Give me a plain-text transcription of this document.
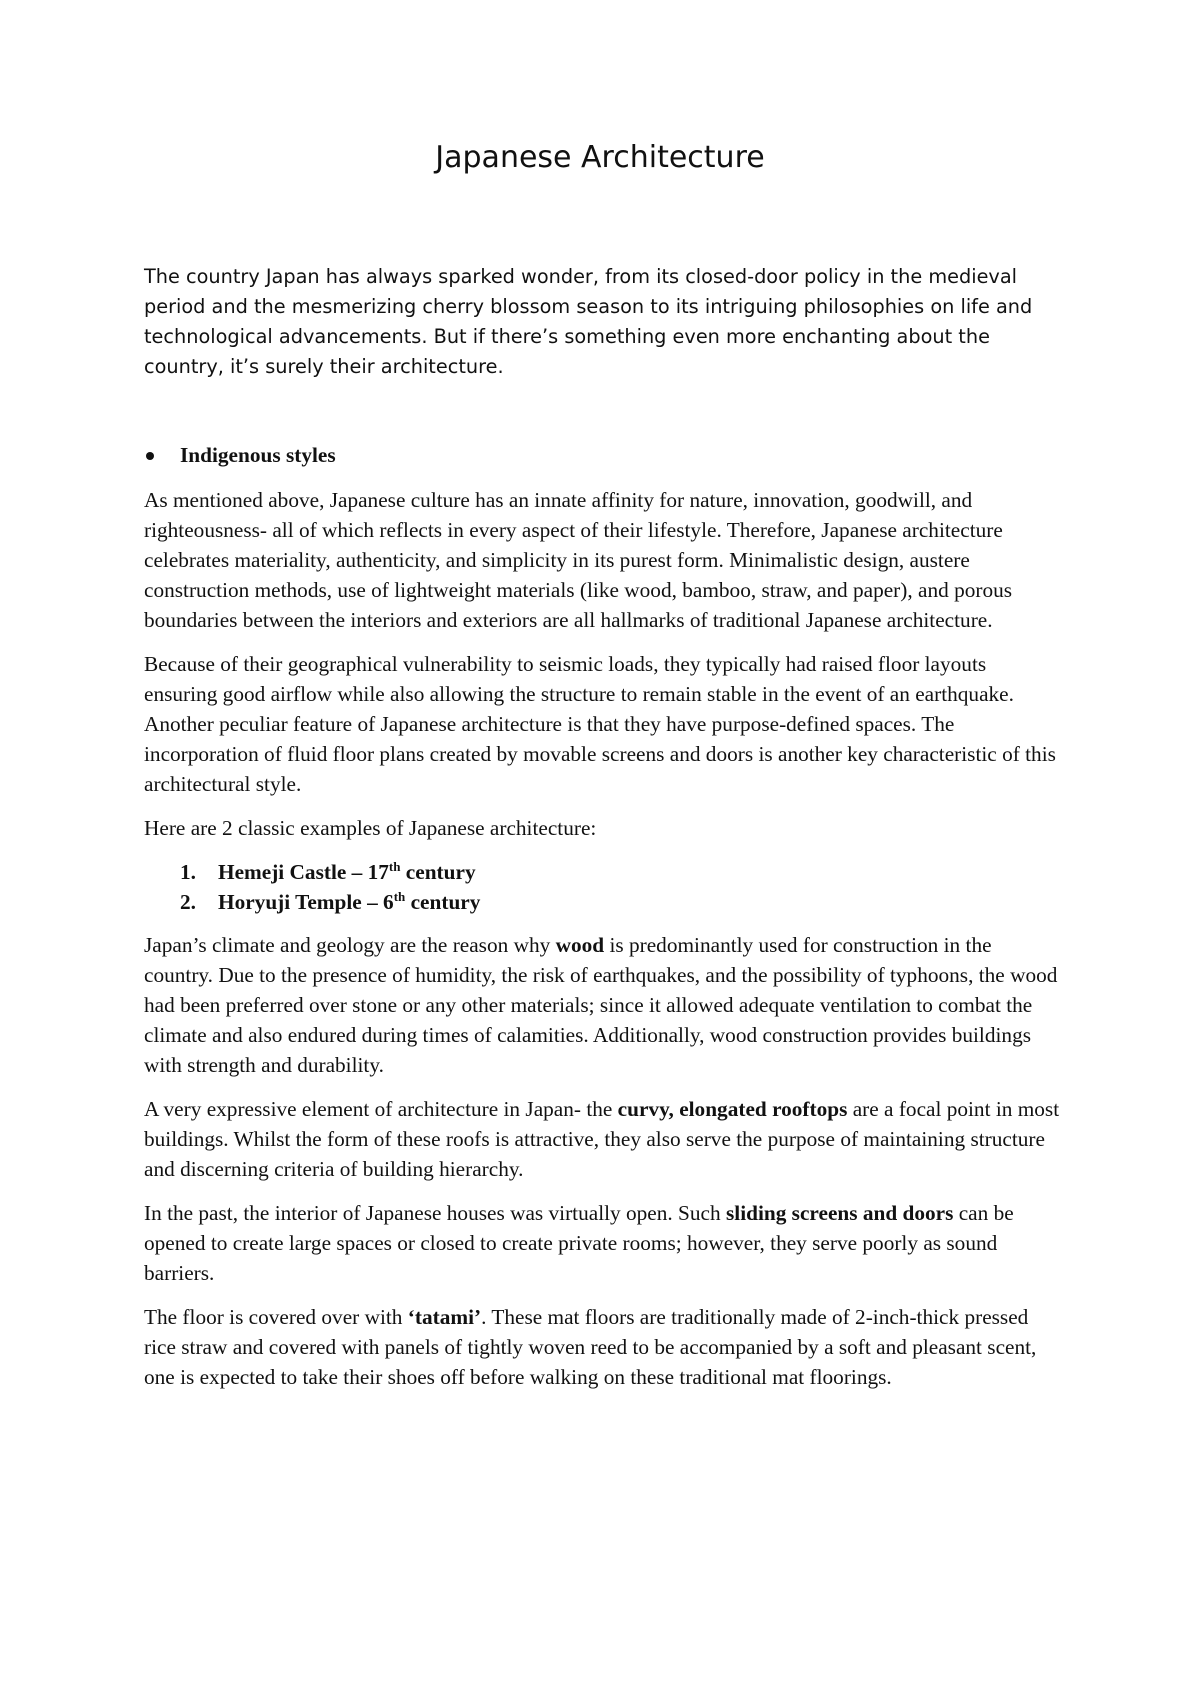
Japanese Architecture

The country Japan has always sparked wonder, from its closed-door policy in the medieval period and the mesmerizing cherry blossom season to its intriguing philosophies on life and technological advancements. But if there’s something even more enchanting about the country, it’s surely their architecture.

Indigenous styles

As mentioned above, Japanese culture has an innate affinity for nature, innovation, goodwill, and righteousness- all of which reflects in every aspect of their lifestyle. Therefore, Japanese architecture celebrates materiality, authenticity, and simplicity in its purest form. Minimalistic design, austere construction methods, use of lightweight materials (like wood, bamboo, straw, and paper), and porous boundaries between the interiors and exteriors are all hallmarks of traditional Japanese architecture.

Because of their geographical vulnerability to seismic loads, they typically had raised floor layouts ensuring good airflow while also allowing the structure to remain stable in the event of an earthquake. Another peculiar feature of Japanese architecture is that they have purpose-defined spaces. The incorporation of fluid floor plans created by movable screens and doors is another key characteristic of this architectural style.

Here are 2 classic examples of Japanese architecture:

1. Hemeji Castle – 17th century
2. Horyuji Temple – 6th century

Japan’s climate and geology are the reason why wood is predominantly used for construction in the country. Due to the presence of humidity, the risk of earthquakes, and the possibility of typhoons, the wood had been preferred over stone or any other materials; since it allowed adequate ventilation to combat the climate and also endured during times of calamities. Additionally, wood construction provides buildings with strength and durability.

A very expressive element of architecture in Japan- the curvy, elongated rooftops are a focal point in most buildings. Whilst the form of these roofs is attractive, they also serve the purpose of maintaining structure and discerning criteria of building hierarchy.

In the past, the interior of Japanese houses was virtually open. Such sliding screens and doors can be opened to create large spaces or closed to create private rooms; however, they serve poorly as sound barriers.

The floor is covered over with ‘tatami’. These mat floors are traditionally made of 2-inch-thick pressed rice straw and covered with panels of tightly woven reed to be accompanied by a soft and pleasant scent, one is expected to take their shoes off before walking on these traditional mat floorings.
